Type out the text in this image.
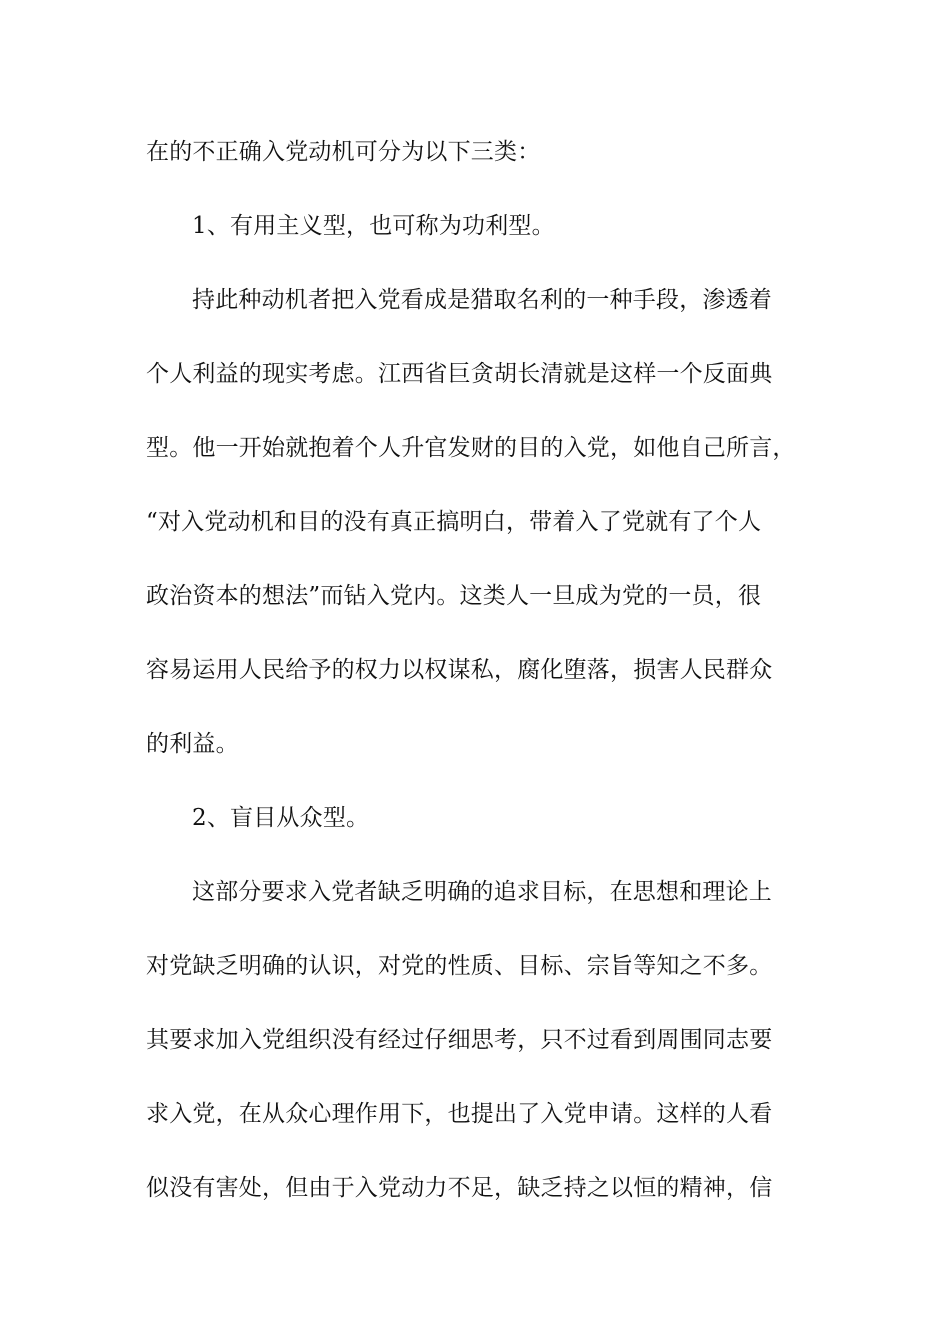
在的不正确入党动机可分为以下三类：
1、有用主义型，也可称为功利型。
持此种动机者把入党看成是猎取名利的一种手段，渗透着
个人利益的现实考虑。江西省巨贪胡长清就是这样一个反面典
型。他一开始就抱着个人升官发财的目的入党，如他自己所言，
“对入党动机和目的没有真正搞明白，带着入了党就有了个人
政治资本的想法”而钻入党内。这类人一旦成为党的一员，很
容易运用人民给予的权力以权谋私，腐化堕落，损害人民群众
的利益。
2、盲目从众型。
这部分要求入党者缺乏明确的追求目标，在思想和理论上
对党缺乏明确的认识，对党的性质、目标、宗旨等知之不多。
其要求加入党组织没有经过仔细思考，只不过看到周围同志要
求入党，在从众心理作用下，也提出了入党申请。这样的人看
似没有害处，但由于入党动力不足，缺乏持之以恒的精神，信
